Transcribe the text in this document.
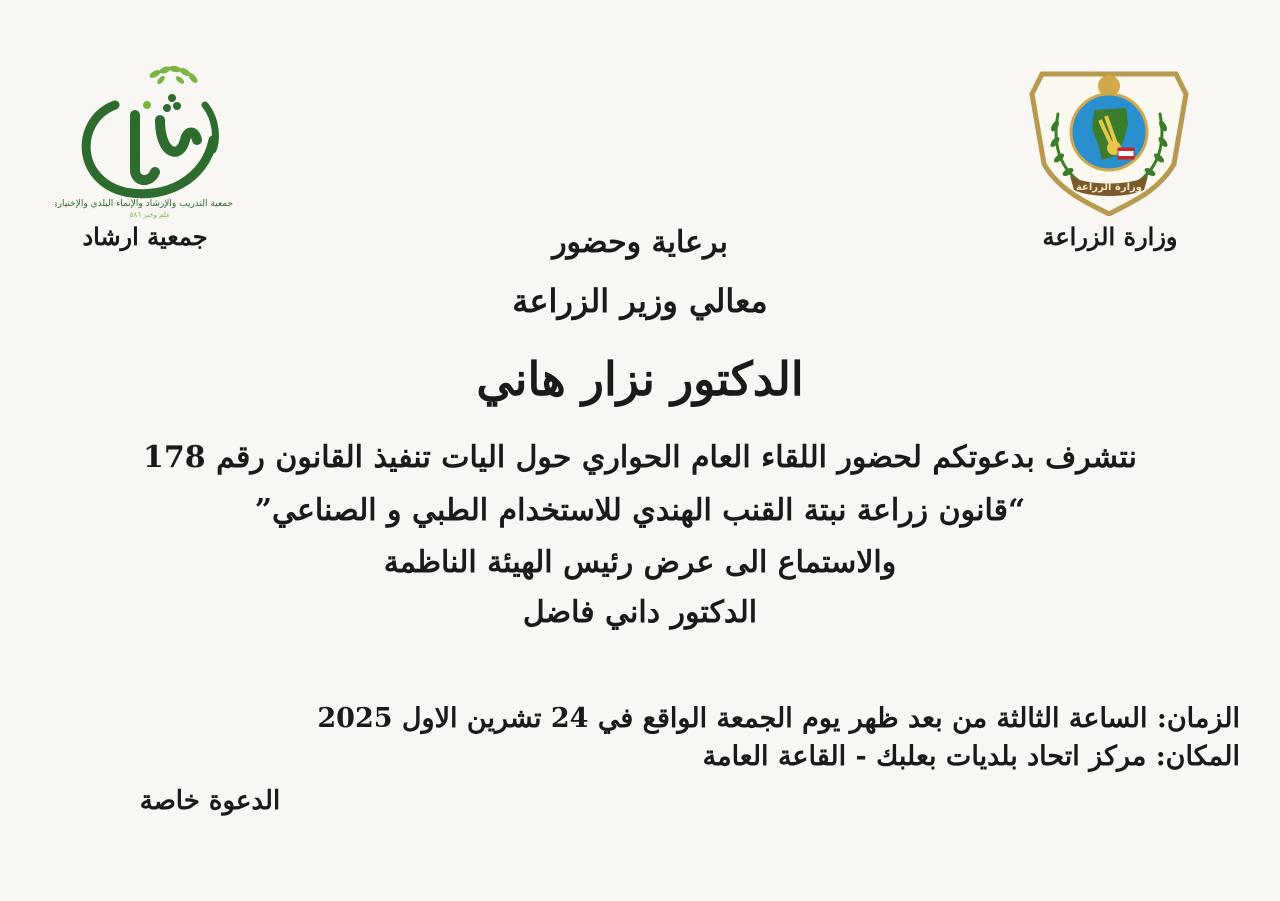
جمعية التدريب والإرشاد والإنماء البلدي والإختياري
علم وخبر ٥٨٦
جمعية ارشاد
وزارة الزراعة
وزارة الزراعة
برعاية وحضور
معالي وزير الزراعة
الدكتور نزار هاني
نتشرف بدعوتكم لحضور اللقاء العام الحواري حول اليات تنفيذ القانون رقم 178
“قانون زراعة نبتة القنب الهندي للاستخدام الطبي و الصناعي”
والاستماع الى عرض رئيس الهيئة الناظمة
الدكتور داني فاضل
الزمان: الساعة الثالثة من بعد ظهر يوم الجمعة الواقع في 24 تشرين الاول 2025
المكان: مركز اتحاد بلديات بعلبك - القاعة العامة
الدعوة خاصة
